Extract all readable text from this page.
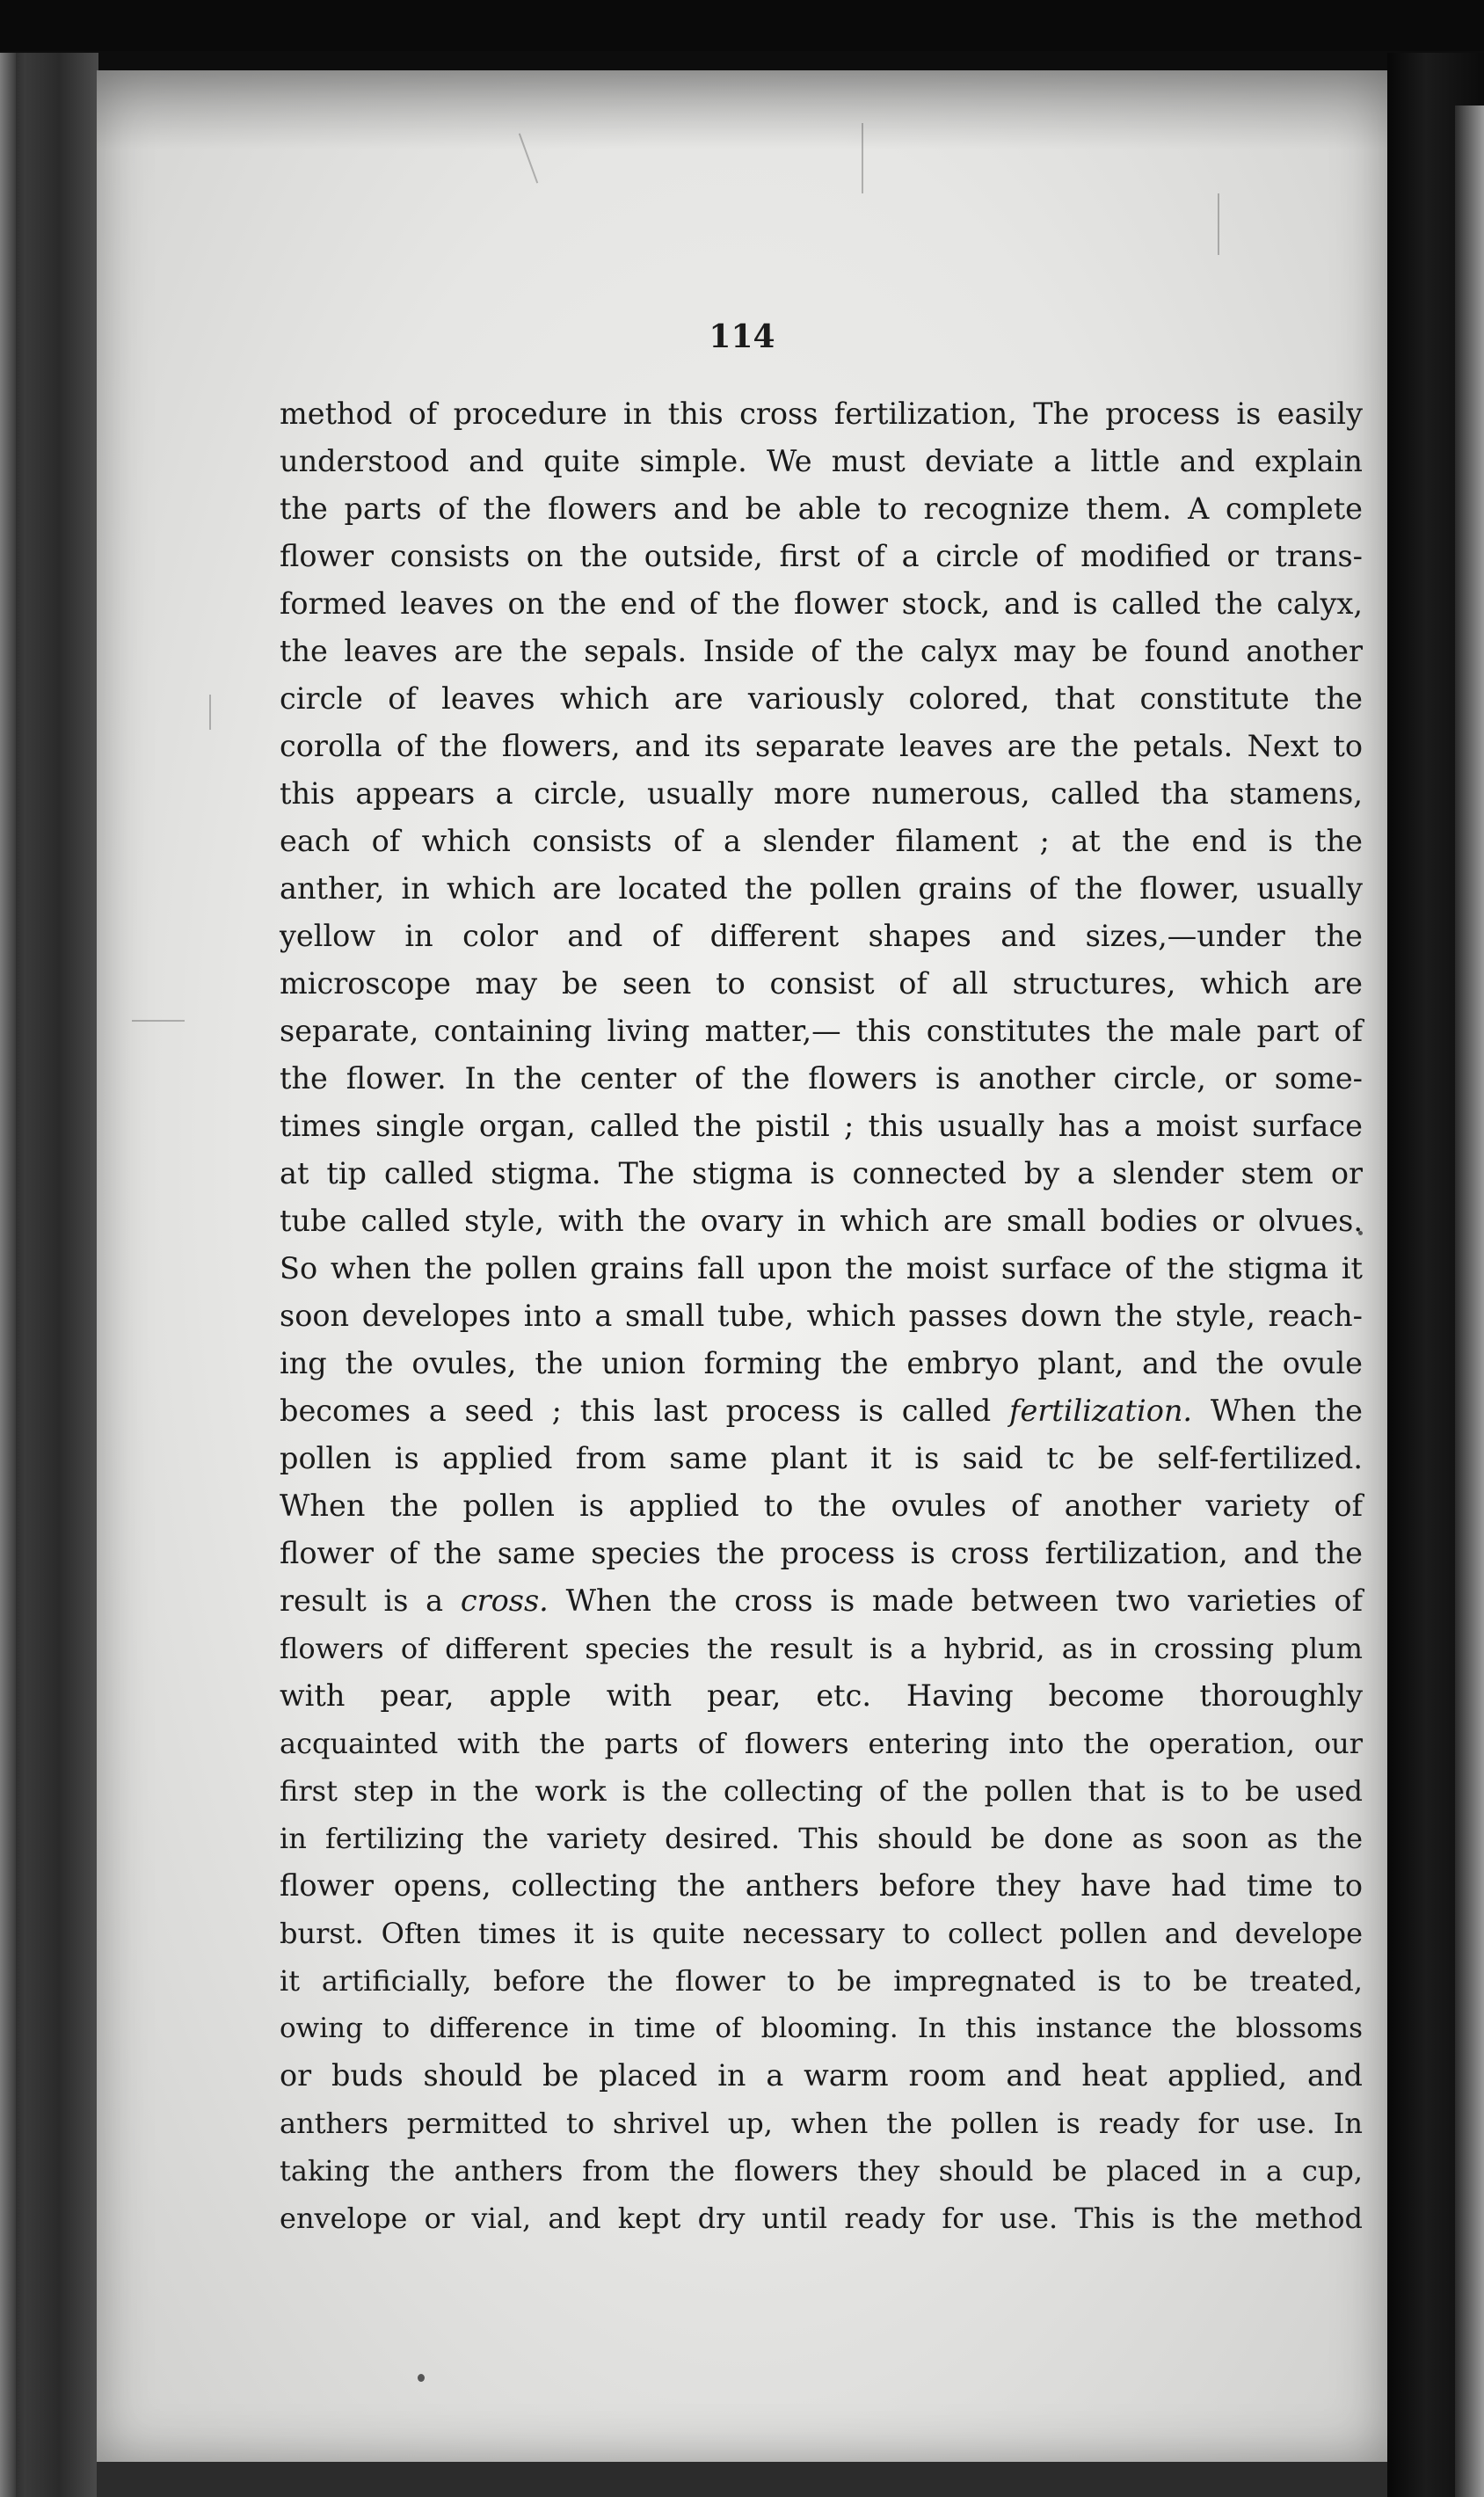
114
method of procedure in this cross fertilization, The process is easily
understood and quite simple. We must deviate a little and explain
the parts of the flowers and be able to recognize them. A complete
flower consists on the outside, first of a circle of modified or trans-
formed leaves on the end of the flower stock, and is called the calyx,
the leaves are the sepals. Inside of the calyx may be found another
circle of leaves which are variously colored, that constitute the
corolla of the flowers, and its separate leaves are the petals. Next to
this appears a circle, usually more numerous, called tha stamens,
each of which consists of a slender filament ; at the end is the
anther, in which are located the pollen grains of the flower, usually
yellow in color and of different shapes and sizes,—under the
microscope may be seen to consist of all structures, which are
separate, containing living matter,— this constitutes the male part of
the flower. In the center of the flowers is another circle, or some-
times single organ, called the pistil ; this usually has a moist surface
at tip called stigma. The stigma is connected by a slender stem or
tube called style, with the ovary in which are small bodies or olvues.
So when the pollen grains fall upon the moist surface of the stigma it
soon developes into a small tube, which passes down the style, reach-
ing the ovules, the union forming the embryo plant, and the ovule
becomes a seed ; this last process is called fertilization. When the
pollen is applied from same plant it is said tc be self-fertilized.
When the pollen is applied to the ovules of another variety of
flower of the same species the process is cross fertilization, and the
result is a cross. When the cross is made between two varieties of
flowers of different species the result is a hybrid, as in crossing plum
with pear, apple with pear, etc. Having become thoroughly
acquainted with the parts of flowers entering into the operation, our
first step in the work is the collecting of the pollen that is to be used
in fertilizing the variety desired. This should be done as soon as the
flower opens, collecting the anthers before they have had time to
burst. Often times it is quite necessary to collect pollen and develope
it artificially, before the flower to be impregnated is to be treated,
owing to difference in time of blooming. In this instance the blossoms
or buds should be placed in a warm room and heat applied, and
anthers permitted to shrivel up, when the pollen is ready for use. In
taking the anthers from the flowers they should be placed in a cup,
envelope or vial, and kept dry until ready for use. This is the method
